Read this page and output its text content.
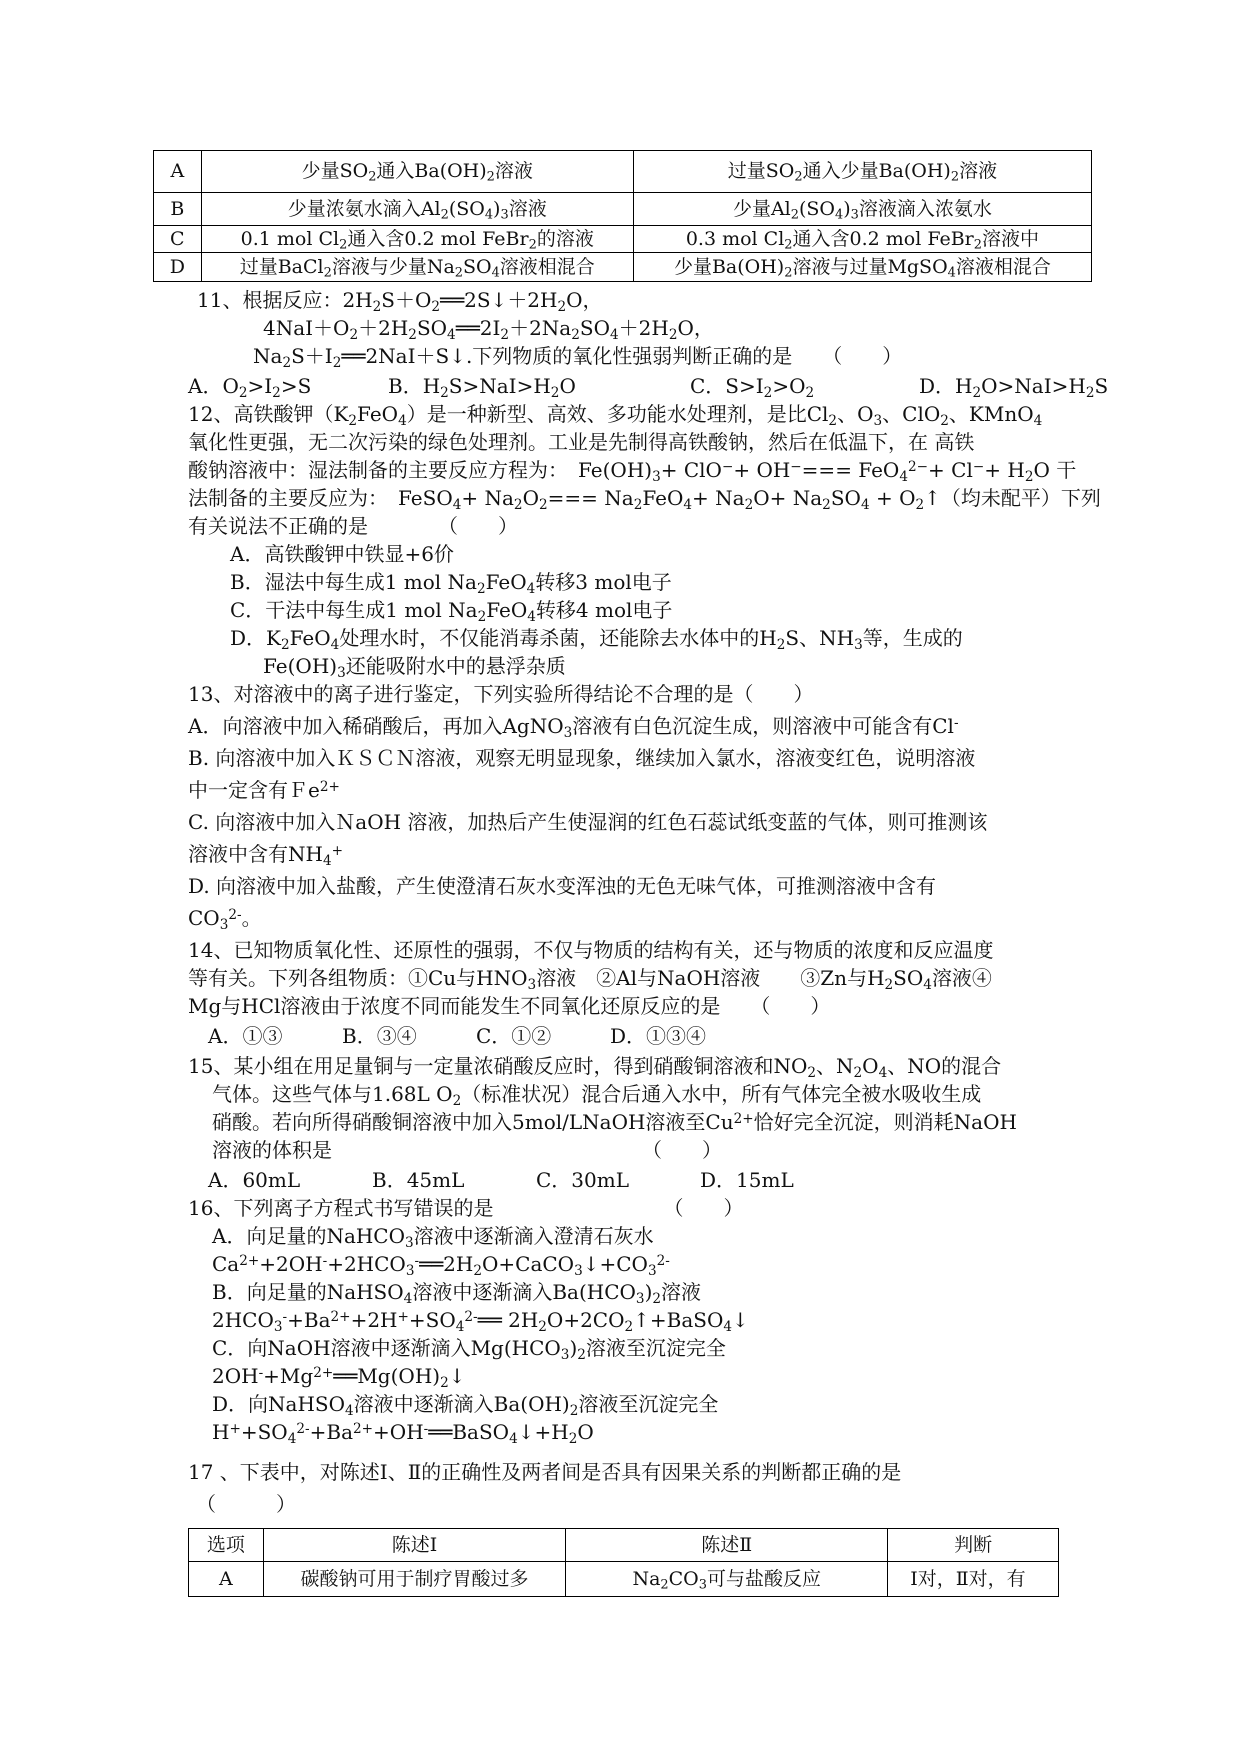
A	少量$SO_2$通入$Ba(OH)_2$溶液	过量$SO_2$通入少量$Ba(OH)_2$溶液
B	少量浓氨水滴入$Al_2(SO_4)_3$溶液	少量$Al_2(SO_4)_3$溶液滴入浓氨水
C	0.1 mol $Cl_2$通入含0.2 mol FeBr$_2$的溶液	0.3 mol $Cl_2$通入含0.2 mol FeBr$_2$溶液中
D	过量BaCl$_2$溶液与少量$Na_2SO_4$溶液相混合	少量$Ba(OH)_2$溶液与过量MgSO$_4$溶液相混合
11、根据反应：$2H_2S+O_2══2S↓+2H_2O$，
$4NaI+O_2+2H_2SO_4══2I_2+2Na_2SO_4+2H_2O$，
$Na_2S+I_2══2NaI+S↓$.下列物质的氧化性强弱判断正确的是　　（　　）
A．$O_2>I_2>S$	B．$H_2S>NaI>H_2O$	C．$S>I_2>O_2$	D．$H_2O>NaI>H_2S$
12、高铁酸钾$(K_2FeO_4)$是一种新型、高效、多功能水处理剂，是比$Cl_2$、$O_3$、ClO$_2$、KMnO$_4$
氧化性更强，无二次污染的绿色处理剂。工业是先制得高铁酸钠，然后在低温下，在 高铁
酸钠溶液中：湿法制备的主要反应方程为：　$Fe(OH)_3+ ClO^-+ OH^-=== FeO_4^{2-}+ Cl^-+ H_2O$ 干
法制备的主要反应为：　FeSO$_4$+ $Na_2O_2=== Na_2FeO_4+ Na_2O+ Na_2SO_4$ + $O_2↑$（均未配平）下列
有关说法不正确的是　　　　（　　）
A．高铁酸钾中铁显+6价
B．湿法中每生成1 mol $Na_2FeO_4$转移3 mol电子
C．干法中每生成1 mol $Na_2FeO_4$转移4 mol电子
D．$K_2FeO_4$处理水时，不仅能消毒杀菌，还能除去水体中的$H_2S$、$NH_3$等，生成的
$Fe(OH)_3$还能吸附水中的悬浮杂质
13、对溶液中的离子进行鉴定，下列实验所得结论不合理的是（　　）
A．向溶液中加入稀硝酸后，再加入AgNO$_3$溶液有白色沉淀生成，则溶液中可能含有Cl-
B. 向溶液中加入ＫＳＣＮ溶液，观察无明显现象，继续加入氯水，溶液变红色，说明溶液
中一定含有Ｆe$^{2+}$
C. 向溶液中加入ＮaOH 溶液，加热后产生使湿润的红色石蕊试纸变蓝的气体，则可推测该
溶液中含有$NH_4^+$
D. 向溶液中加入盐酸，产生使澄清石灰水变浑浊的无色无味气体，可推测溶液中含有
$CO_3^{2-}$。
14、已知物质氧化性、还原性的强弱，不仅与物质的结构有关，还与物质的浓度和反应温度
等有关。下列各组物质：①Cu与$HNO_3$溶液　②Al与NaOH溶液　　③Zn与$H_2SO_4$溶液④
Mg与HCl溶液由于浓度不同而能发生不同氧化还原反应的是　　（　　）
A．①③	B．③④	C．①②	D．①③④
15、某小组在用足量铜与一定量浓硝酸反应时，得到硝酸铜溶液和$NO_2$、$N_2O_4$、NO的混合
气体。这些气体与1.68L $O_2$（标准状况）混合后通入水中，所有气体完全被水吸收生成
硝酸。若向所得硝酸铜溶液中加入5mol/LNaOH溶液至$Cu^{2+}$恰好完全沉淀，则消耗NaOH
溶液的体积是　　　　　　　　　　　　　　　　（　　）
A．60mL	B．45mL	C．30mL	D．15mL
16、下列离子方程式书写错误的是　　　　　　　　　（　　）
A．向足量的NaHCO$_3$溶液中逐渐滴入澄清石灰水
$Ca^{2+}+2OH^-+2HCO_3^-══2H_2O+CaCO_3↓+CO_3^{2-}$
B．向足量的NaHSO$_4$溶液中逐渐滴入$Ba(HCO_3)_2$溶液
$2HCO_3^-+Ba^{2+}+2H^++SO_4^{2-}══$ $2H_2O+2CO_2↑+BaSO_4↓$
C．向NaOH溶液中逐渐滴入$Mg(HCO_3)_2$溶液至沉淀完全
$2OH^-+Mg^{2+}══Mg(OH)_2↓$
D．向NaHSO$_4$溶液中逐渐滴入$Ba(OH)_2$溶液至沉淀完全
$H^++SO_4^{2-}+Ba^{2+}+OH^-══BaSO_4↓+H_2O$
17 、下表中，对陈述Ⅰ、Ⅱ的正确性及两者间是否具有因果关系的判断都正确的是
（　　　）
选项	陈述Ⅰ	陈述Ⅱ	判断
A	碳酸钠可用于制疗胃酸过多	$Na_2CO_3$可与盐酸反应	Ⅰ对，Ⅱ对，有
